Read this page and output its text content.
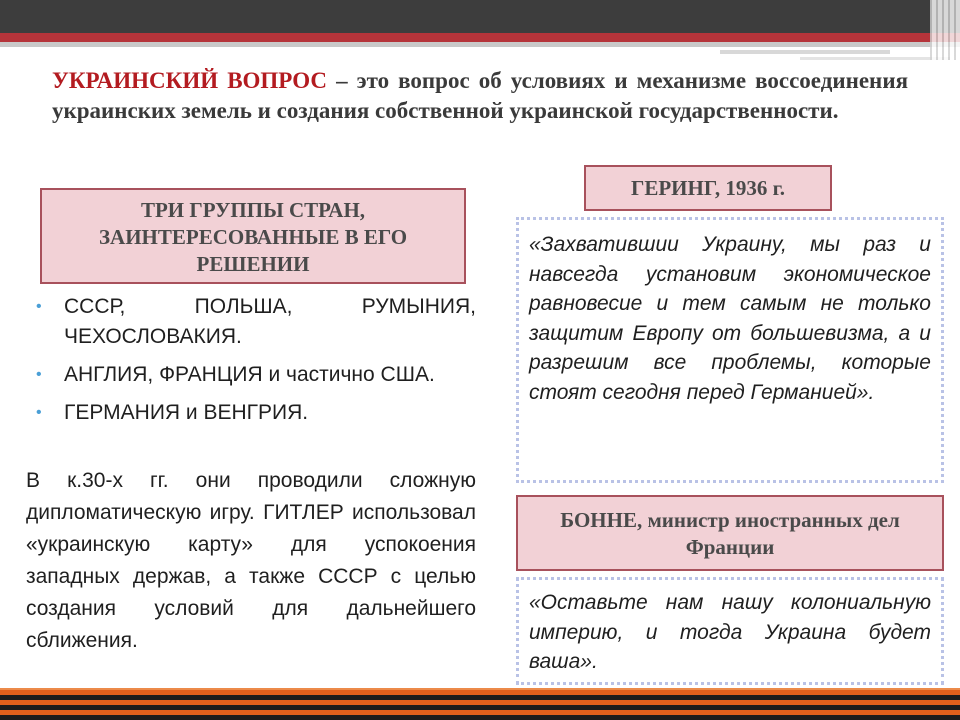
УКРАИНСКИЙ ВОПРОС – это вопрос об условиях и механизме воссоединения украинских земель и создания собственной украинской государственности.
ТРИ ГРУППЫ СТРАН, ЗАИНТЕРЕСОВАННЫЕ В ЕГО РЕШЕНИИ
• СССР, ПОЛЬША, РУМЫНИЯ, ЧЕХОСЛОВАКИЯ.
• АНГЛИЯ, ФРАНЦИЯ и частично США.
• ГЕРМАНИЯ и ВЕНГРИЯ.

В к.30-х гг. они проводили сложную дипломатическую игру. ГИТЛЕР использовал «украинскую карту» для успокоения западных держав, а также СССР с целью создания условий для дальнейшего сближения.

ГЕРИНГ, 1936 г.
«Захватившии Украину, мы раз и навсегда установим экономическое равновесие и тем самым не только защитим Европу от большевизма, а и разрешим все проблемы, которые стоят сегодня перед Германией».
БОННЕ, министр иностранных дел Франции
«Оставьте нам нашу колониальную империю, и тогда Украина будет ваша».
